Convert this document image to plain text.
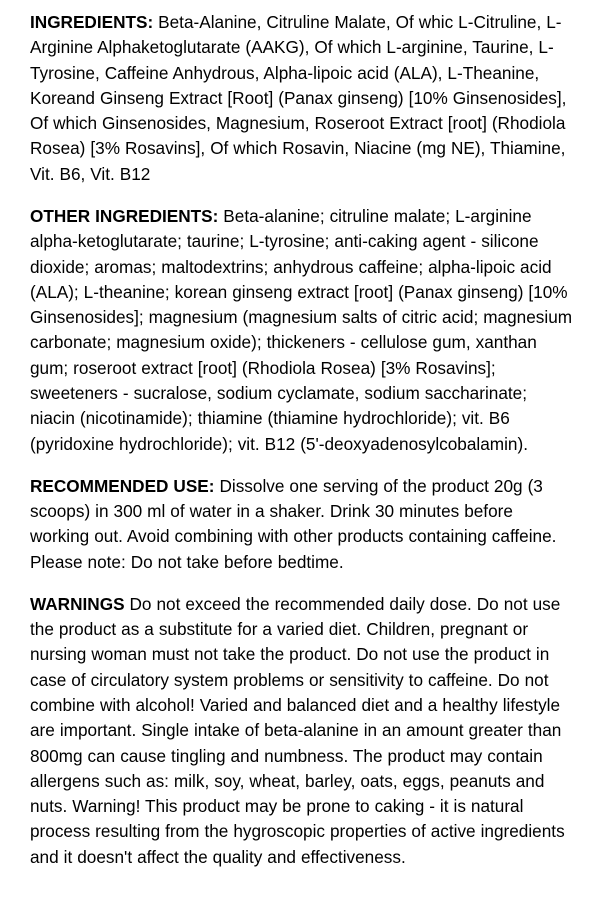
INGREDIENTS: Beta-Alanine, Citruline Malate, Of whic L-Citruline, L-Arginine Alphaketoglutarate (AAKG), Of which L-arginine, Taurine, L-Tyrosine, Caffeine Anhydrous, Alpha-lipoic acid (ALA), L-Theanine, Koreand Ginseng Extract [Root] (Panax ginseng) [10% Ginsenosides], Of which Ginsenosides, Magnesium, Roseroot Extract [root] (Rhodiola Rosea) [3% Rosavins], Of which Rosavin, Niacine (mg NE), Thiamine, Vit. B6, Vit. B12

OTHER INGREDIENTS: Beta-alanine; citruline malate; L-arginine alpha-ketoglutarate; taurine; L-tyrosine; anti-caking agent - silicone dioxide; aromas; maltodextrins; anhydrous caffeine; alpha-lipoic acid (ALA); L-theanine; korean ginseng extract [root] (Panax ginseng) [10% Ginsenosides]; magnesium (magnesium salts of citric acid; magnesium carbonate; magnesium oxide); thickeners - cellulose gum, xanthan gum; roseroot extract [root] (Rhodiola Rosea) [3% Rosavins]; sweeteners - sucralose, sodium cyclamate, sodium saccharinate; niacin (nicotinamide); thiamine (thiamine hydrochloride); vit. B6 (pyridoxine hydrochloride); vit. B12 (5'-deoxyadenosylcobalamin).

RECOMMENDED USE: Dissolve one serving of the product 20g (3 scoops) in 300 ml of water in a shaker. Drink 30 minutes before working out. Avoid combining with other products containing caffeine. Please note: Do not take before bedtime.

WARNINGS Do not exceed the recommended daily dose. Do not use the product as a substitute for a varied diet. Children, pregnant or nursing woman must not take the product. Do not use the product in case of circulatory system problems or sensitivity to caffeine. Do not combine with alcohol! Varied and balanced diet and a healthy lifestyle are important. Single intake of beta-alanine in an amount greater than 800mg can cause tingling and numbness. The product may contain allergens such as: milk, soy, wheat, barley, oats, eggs, peanuts and nuts. Warning! This product may be prone to caking - it is natural process resulting from the hygroscopic properties of active ingredients and it doesn't affect the quality and effectiveness.
